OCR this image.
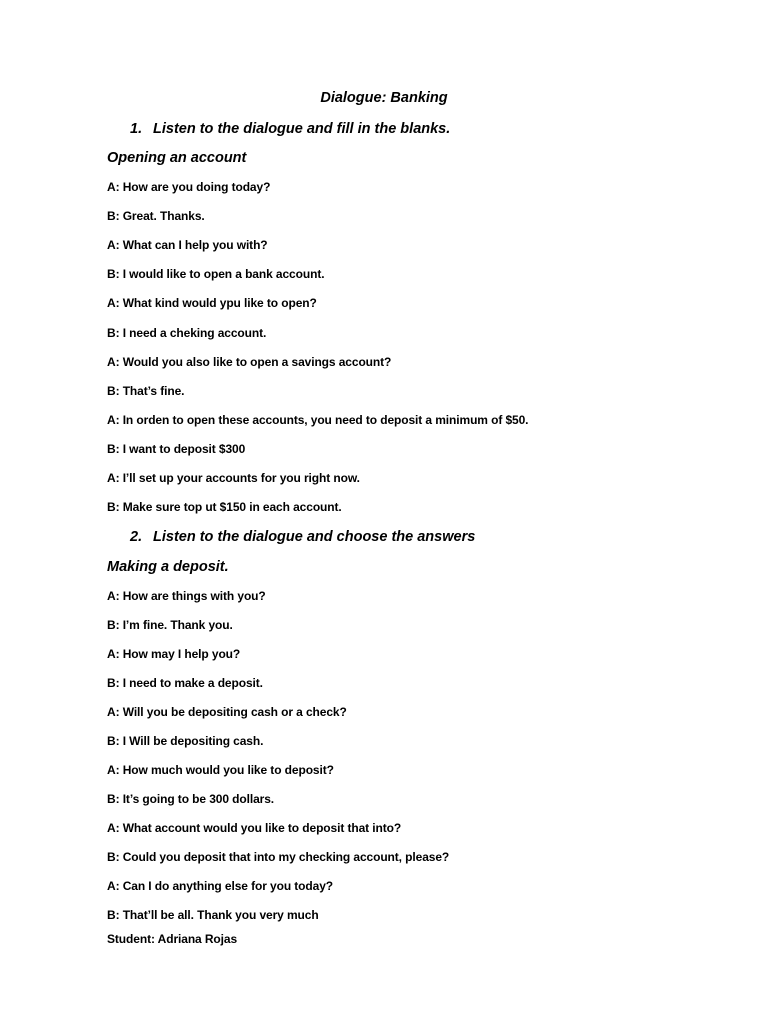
Dialogue: Banking
1. Listen to the dialogue and fill in the blanks.
Opening an account
A: How are you doing today?
B: Great. Thanks.
A: What can I help you with?
B: I would like to open a bank account.
A: What kind would ypu like to open?
B: I need a cheking account.
A: Would you also like to open a savings account?
B: That’s fine.
A: In orden to open these accounts, you need to deposit a minimum of $50.
B: I want to deposit $300
A: I’ll set up your accounts for you right now.
B: Make sure top ut $150 in each account.
2. Listen to the dialogue and choose the answers
Making a deposit.
A: How are things with you?
B: I’m fine. Thank you.
A: How may I help you?
B: I need to make a deposit.
A: Will you be depositing cash or a check?
B: I Will be depositing cash.
A: How much would you like to deposit?
B: It’s going to be 300 dollars.
A: What account would you like to deposit that into?
B: Could you deposit that into my checking account, please?
A: Can I do anything else for you today?
B: That’ll be all. Thank you very much
Student: Adriana Rojas
